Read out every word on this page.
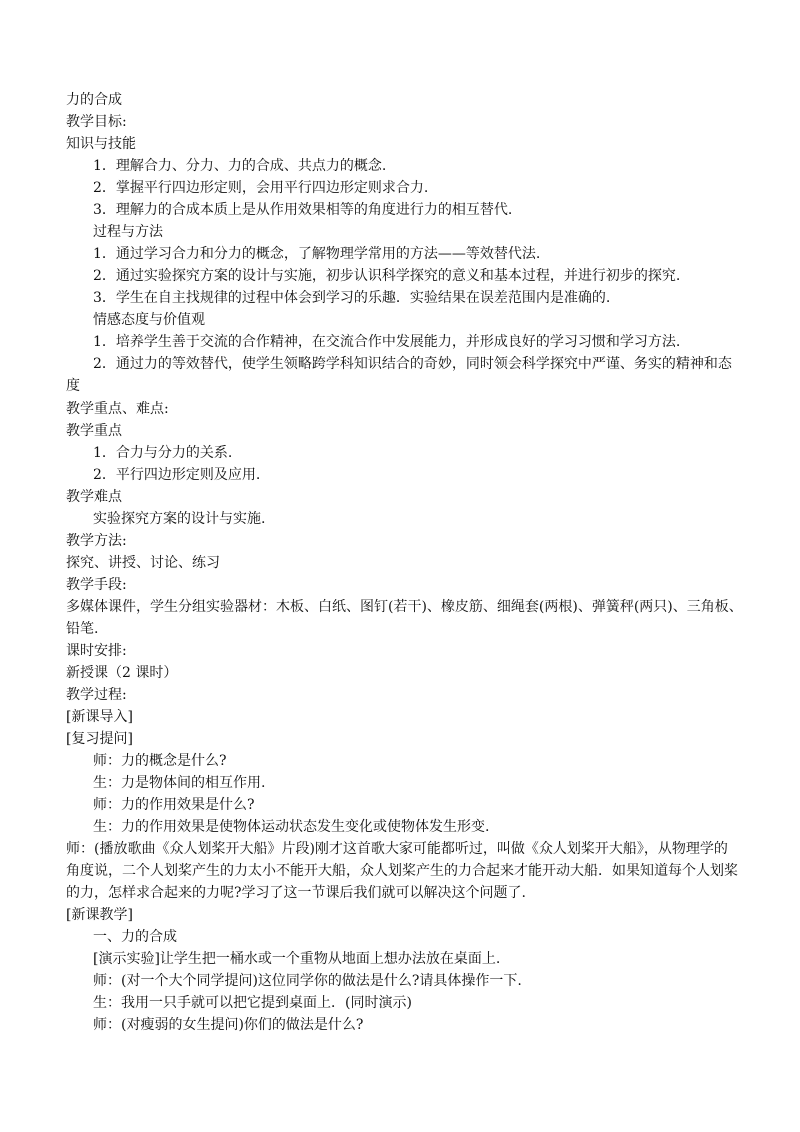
力的合成
教学目标:
知识与技能
1．理解合力、分力、力的合成、共点力的概念.
2．掌握平行四边形定则，会用平行四边形定则求合力.
3．理解力的合成本质上是从作用效果相等的角度进行力的相互替代.
过程与方法
1．通过学习合力和分力的概念，了解物理学常用的方法——等效替代法.
2．通过实验探究方案的设计与实施，初步认识科学探究的意义和基本过程，并进行初步的探究.
3．学生在自主找规律的过程中体会到学习的乐趣．实验结果在误差范围内是准确的.
情感态度与价值观
1．培养学生善于交流的合作精神，在交流合作中发展能力，并形成良好的学习习惯和学习方法.
2．通过力的等效替代，使学生领略跨学科知识结合的奇妙，同时领会科学探究中严谨、务实的精神和态
度
教学重点、难点:
教学重点
1．合力与分力的关系.
2．平行四边形定则及应用.
教学难点
实验探究方案的设计与实施.
教学方法:
探究、讲授、讨论、练习
教学手段:
多媒体课件，学生分组实验器材：木板、白纸、图钉(若干)、橡皮筋、细绳套(两根)、弹簧秤(两只)、三角板、铅笔.
课时安排:
新授课（2 课时）
教学过程:
[新课导入]
[复习提问]
师：力的概念是什么?
生：力是物体间的相互作用.
师：力的作用效果是什么?
生：力的作用效果是使物体运动状态发生变化或使物体发生形变.
师：(播放歌曲《众人划桨开大船》片段)刚才这首歌大家可能都听过，叫做《众人划桨开大船》，从物理学的
角度说，二个人划桨产生的力太小不能开大船，众人划桨产生的力合起来才能开动大船．如果知道每个人划桨
的力，怎样求合起来的力呢?学习了这一节课后我们就可以解决这个问题了.
[新课教学]
一、力的合成
[演示实验]让学生把一桶水或一个重物从地面上想办法放在桌面上.
师：(对一个大个同学提问)这位同学你的做法是什么?请具体操作一下.
生：我用一只手就可以把它提到桌面上．(同时演示)
师：(对瘦弱的女生提问)你们的做法是什么?
